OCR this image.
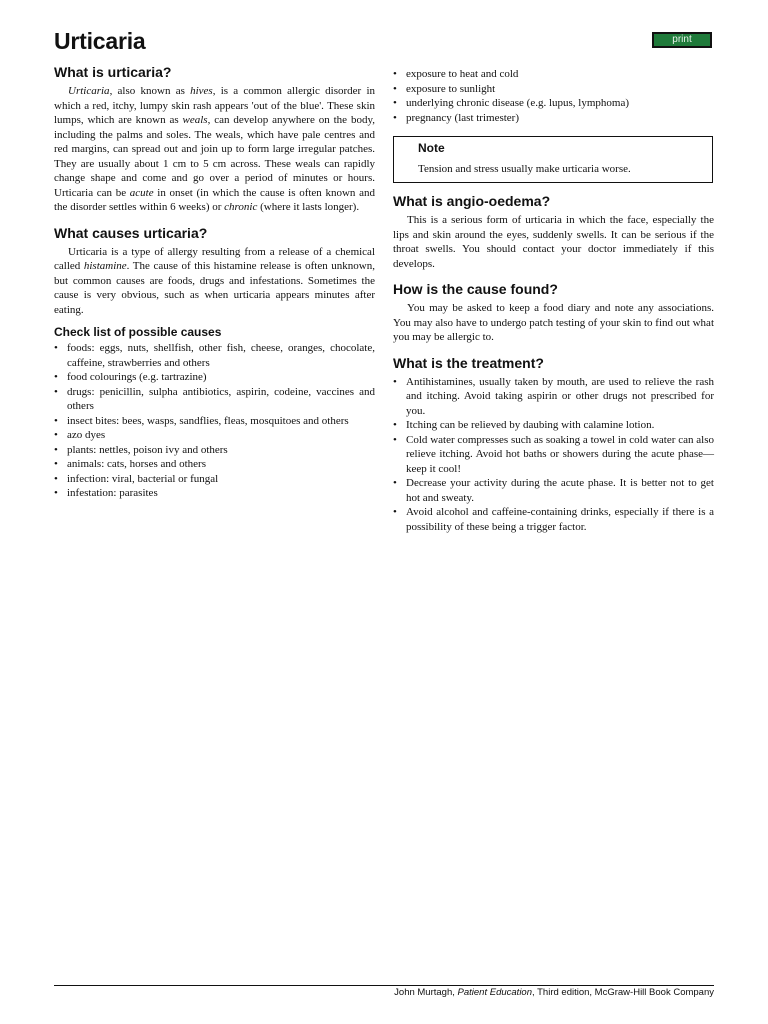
Urticaria	print
What is urticaria?

Urticaria, also known as hives, is a common allergic disorder in which a red, itchy, lumpy skin rash appears 'out of the blue'. These skin lumps, which are known as weals, can develop anywhere on the body, including the palms and soles. The weals, which have pale centres and red margins, can spread out and join up to form large irregular patches. They are usually about 1 cm to 5 cm across. These weals can rapidly change shape and come and go over a period of minutes or hours. Urticaria can be acute in onset (in which the cause is often known and the disorder settles within 6 weeks) or chronic (where it lasts longer).

What causes urticaria?

Urticaria is a type of allergy resulting from a release of a chemical called histamine. The cause of this histamine release is often unknown, but common causes are foods, drugs and infestations. Sometimes the cause is very obvious, such as when urticaria appears minutes after eating.

Check list of possible causes
• foods: eggs, nuts, shellfish, other fish, cheese, oranges, chocolate, caffeine, strawberries and others
• food colourings (e.g. tartrazine)
• drugs: penicillin, sulpha antibiotics, aspirin, codeine, vaccines and others
• insect bites: bees, wasps, sandflies, fleas, mosquitoes and others
• azo dyes
• plants: nettles, poison ivy and others
• animals: cats, horses and others
• infection: viral, bacterial or fungal
• infestation: parasites
• exposure to heat and cold
• exposure to sunlight
• underlying chronic disease (e.g. lupus, lymphoma)
• pregnancy (last trimester)
Note
Tension and stress usually make urticaria worse.
What is angio-oedema?

This is a serious form of urticaria in which the face, especially the lips and skin around the eyes, suddenly swells. It can be serious if the throat swells. You should contact your doctor immediately if this develops.

How is the cause found?

You may be asked to keep a food diary and note any associations. You may also have to undergo patch testing of your skin to find out what you may be allergic to.

What is the treatment?
• Antihistamines, usually taken by mouth, are used to relieve the rash and itching. Avoid taking aspirin or other drugs not prescribed for you.
• Itching can be relieved by daubing with calamine lotion.
• Cold water compresses such as soaking a towel in cold water can also relieve itching. Avoid hot baths or showers during the acute phase—keep it cool!
• Decrease your activity during the acute phase. It is better not to get hot and sweaty.
• Avoid alcohol and caffeine-containing drinks, especially if there is a possibility of these being a trigger factor.
John Murtagh, Patient Education, Third edition, McGraw-Hill Book Company
